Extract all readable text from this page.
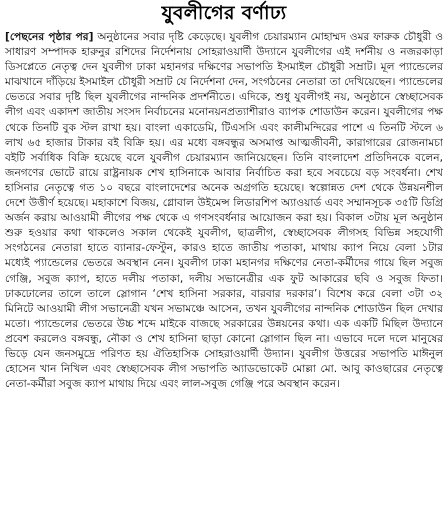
যুবলীগের বর্ণাঢ্য

[পেছনের পৃষ্ঠার পর] অনুষ্ঠানের সবার দৃষ্টি কেড়েছে। যুবলীগ চেয়ারম্যান মোহাম্মদ ওমর ফারুক চৌধুরী ও সাধারণ সম্পাদক হারুনুর রশিদের নির্দেশনায় সোহরাওয়ার্দী উদ্যানে যুবলীগের এই দর্শনীয় ও নজরকাড়া ডিসপ্লেতে নেতৃত্ব দেন যুবলীগ ঢাকা মহানগর দক্ষিণের সভাপতি ইসমাইল চৌধুরী সম্রাট। মূল প্যান্ডেলের মাঝখানে দাঁড়িয়ে ইসমাইল চৌধুরী সম্রাট যে নির্দেশনা দেন, সংগঠনের নেতারা তা দেখিয়েছেন। প্যান্ডেলের ভেতরে সবার দৃষ্টি ছিল যুবলীগের নান্দনিক প্রদর্শনীতে। এদিকে, শুধু যুবলীগই নয়, অনুষ্ঠানে স্বেচ্ছাসেবক লীগ এবং একাদশ জাতীয় সংসদ নির্বাচনের মনোনয়নপ্রত্যাশীরাও ব্যাপক শোডাউন করেন। যুবলীগের পক্ষ থেকে তিনটি বুক স্টল রাখা হয়। বাংলা একাডেমি, টিএসসি এবং কালীমন্দিরের পাশে এ তিনটি স্টলে ৬ লাখ ৬৫ হাজার টাকার বই বিক্রি হয়। এর মধ্যে বঙ্গবন্ধুর অসমাপ্ত আত্মজীবনী, কারাগারের রোজনামচা বইটি সর্বাধিক বিক্রি হয়েছে বলে যুবলীগ চেয়ারম্যান জানিয়েছেন। তিনি বাংলাদেশ প্রতিদিনকে বলেন, জনগণের ভোটে রায়ে রাষ্ট্রনায়ক শেখ হাসিনাকে আবার নির্বাচিত করা হবে সবচেয়ে বড় সংবর্ধনা। শেখ হাসিনার নেতৃত্বে গত ১০ বছরে বাংলাদেশের অনেক অগ্রগতি হয়েছে। স্বল্পোন্নত দেশ থেকে উন্নয়নশীল দেশে উত্তীর্ণ হয়েছে। মহাকাশে বিজয়, গ্লোবাল উইমেন্স লিডারশিপ অ্যাওয়ার্ড এবং সম্মানসূচক ৩৫টি ডিগ্রি অর্জন করায় আওয়ামী লীগের পক্ষ থেকে এ গণসংবর্ধনার আয়োজন করা হয়। বিকাল ৩টায় মূল অনুষ্ঠান শুরু হওয়ার কথা থাকলেও সকাল থেকেই যুবলীগ, ছাত্রলীগ, স্বেচ্ছাসেবক লীগসহ বিভিন্ন সহযোগী সংগঠনের নেতারা হাতে ব্যানার-ফেস্টুন, কারও হাতে জাতীয় পতাকা, মাথায় ক্যাপ নিয়ে বেলা ১টার মধ্যেই প্যান্ডেলের ভেতরে অবস্থান নেন। যুবলীগ ঢাকা মহানগর দক্ষিণের নেতা-কর্মীদের গায়ে ছিল সবুজ গেঞ্জি, সবুজ ক্যাপ, হাতে দলীয় পতাকা, দলীয় সভানেত্রীর এক ফুট আকারের ছবি ও সবুজ ফিতা। ঢাকঢোলের তালে তালে স্লোগান ‘শেখ হাসিনা সরকার, বারবার দরকার’। বিশেষ করে বেলা ৩টা ৩২ মিনিটে আওয়ামী লীগ সভানেত্রী যখন সভামঞ্চে আসেন, তখন যুবলীগের নান্দনিক শোডাউন ছিল দেখার মতো। প্যান্ডেলের ভেতরে উচ্চ শব্দে মাইকে বাজছে সরকারের উন্নয়নের কথা। এক একটি মিছিল উদ্যানে প্রবেশ করলেও বঙ্গবন্ধু, নৌকা ও শেখ হাসিনা ছাড়া কোনো স্লোগান ছিল না। এভাবে দলে দলে মানুষের ভিড়ে যেন জনসমুদ্রে পরিণত হয় ঐতিহাসিক সোহরাওয়ার্দী উদ্যান। যুবলীগ উত্তরের সভাপতি মাঈনুল হোসেন খান নিখিল এবং স্বেচ্ছাসেবক লীগ সভাপতি অ্যাডভোকেট মোল্লা মো. আবু কাওছারের নেতৃত্বে নেতা-কর্মীরা সবুজ ক্যাপ মাথায় দিয়ে এবং লাল-সবুজ গেঞ্জি পরে অবস্থান করেন।
